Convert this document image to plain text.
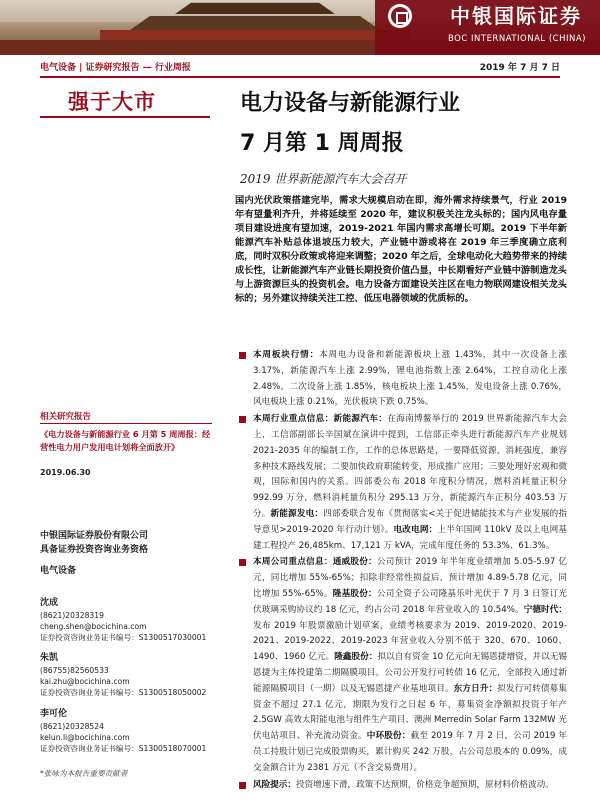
中银国际证券
BOC INTERNATIONAL (CHINA)
电气设备 | 证券研究报告 — 行业周报	2019 年 7 月 7 日
强于大市	电力设备与新能源行业
7 月第 1 周周报
2019 世界新能源汽车大会召开
国内光伏政策搭建完毕，需求大规模启动在即，海外需求持续景气，行业 2019 年有望量利齐升，并将延续至 2020 年，建议积极关注龙头标的；国内风电存量项目建设进度有望加速，2019-2021 年国内需求高增长可期。2019 下半年新能源汽车补贴总体退坡压力较大，产业链中游或将在 2019 年三季度确立底利底，同时双积分政策或将迎来调整；2020 年之后，全球电动化大趋势带来的持续成长性，让新能源汽车产业链长期投资价值凸显，中长期看好产业链中游制造龙头与上游资源巨头的投资机会。电力设备方面建设关注区在电力物联网建设相关龙头标的；另外建议持续关注工控、低压电器领域的优质标的。
本周板块行情：本周电力设备和新能源板块上涨 1.43%，其中一次设备上涨 3.17%，新能源汽车上涨 2.99%，锂电池指数上涨 2.64%，工控自动化上涨 2.48%，二次设备上涨 1.85%，核电板块上涨 1.45%，发电设备上涨 0.76%，风电板块上涨 0.21%，光伏板块下跌 0.75%。
本周行业重点信息：新能源汽车：在海南博鳌举行的 2019 世界新能源汽车大会上，工信部副部长辛国斌在演讲中提到，工信部正牵头进行新能源汽车产业规划 2021-2035 年的编制工作，工作的总体思路是，一要降低资源，消耗强度，兼容多种技术路线发展；二要加快政府职能转变，形成推广应用；三要处理好宏观和微观，国际和国内的关系。四部委公布 2018 年度积分情况，燃料消耗量正积分 992.99 万分，燃料消耗量负积分 295.13 万分，新能源汽车正积分 403.53 万分。新能源发电：四部委联合发布《贯彻落实<关于促进储能技术与产业发展的指导意见>2019-2020 年行动计划》。电改电网：上半年国网 110kV 及以上电网基建工程投产 26,485km、17,121 万 kVA，完成年度任务的 53.3%、61.3%。
本周公司重点信息：通威股份：公司预计 2019 年半年度业绩增加 5.05-5.97 亿元，同比增加 55%-65%；扣除非经常性损益后，预计增加 4.89-5.78 亿元，同比增加 55%-65%。隆基股份：公司全资子公司隆基乐叶光伏于 7 月 3 日签订光伏玻璃采购协议约 18 亿元，约占公司 2018 年营业收入的 10.54%。宁德时代：发布 2019 年股票激励计划草案，业绩考核要求为 2019、2019-2020、2019-2021、2019-2022、2019-2023 年营业收入分别不低于 320、670、1060、1490、1960 亿元。隆鑫股份：拟以自有资金 10 亿元向无锡恩捷增资，并以无锡恩捷为主体投建第二期隔膜项目。公司公开发行可转债 16 亿元，全部投入通过新能源隔膜项目（一期）以及无锡恩捷产业基地项目。东方日升：拟发行可转债募集资金不超过 27.1 亿元，期限为发行之日起 6 年，募集资金净额拟投资于年产 2.5GW 高效太阳能电池与组件生产项目、澳洲 Merredin Solar Farm 132MW 光伏电站项目、补充流动资金。中环股份：截至 2019 年 7 月 2 日，公司 2019 年员工持股计划已完成股票购买，累计购买 242 万股，占公司总股本的 0.09%，成交金额合计为 2381 万元（不含交易费用）。
风险提示：投资增速下滑，政策不达预期，价格竞争超预期，原材料价格波动。
相关研究报告
《电力设备与新能源行业 6 月第 5 周周报：经营性电力用户发用电计划将全面放开》
2019.06.30
中银国际证券股份有限公司
具备证券投资咨询业务资格
电气设备
沈成
(8621)20328319
cheng.shen@bocichina.com
证券投资咨询业务证书编号：S1300517030001
朱凯
(86755)82560533
kai.zhu@bocichina.com
证券投资咨询业务证书编号：S1300518050002
李可伦
(8621)20328524
kelun.li@bocichina.com
证券投资咨询业务证书编号：S1300518070001
*张咏为本报告重要贡献者
